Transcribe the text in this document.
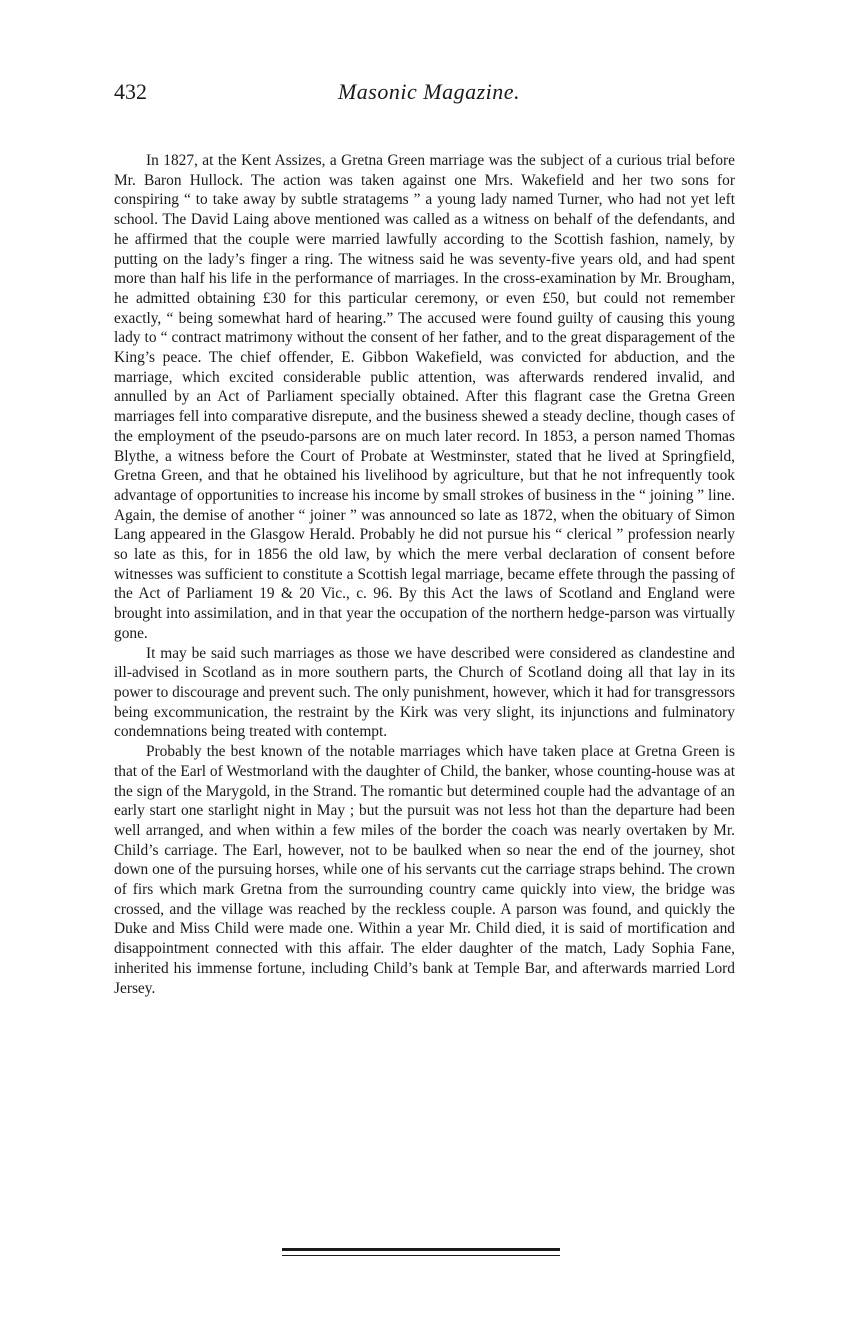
432	Masonic Magazine.

In 1827, at the Kent Assizes, a Gretna Green marriage was the subject of a curious trial before Mr. Baron Hullock. The action was taken against one Mrs. Wakefield and her two sons for conspiring “ to take away by subtle stratagems ” a young lady named Turner, who had not yet left school. The David Laing above mentioned was called as a witness on behalf of the defendants, and he affirmed that the couple were married lawfully according to the Scottish fashion, namely, by putting on the lady’s finger a ring. The witness said he was seventy-five years old, and had spent more than half his life in the performance of marriages. In the cross-examination by Mr. Brougham, he admitted obtaining £30 for this particular ceremony, or even £50, but could not remember exactly, “ being somewhat hard of hearing.” The accused were found guilty of causing this young lady to “ contract matrimony without the consent of her father, and to the great disparagement of the King’s peace. The chief offender, E. Gibbon Wakefield, was convicted for abduction, and the marriage, which excited considerable public attention, was afterwards rendered invalid, and annulled by an Act of Parliament specially obtained. After this flagrant case the Gretna Green marriages fell into comparative disrepute, and the business shewed a steady decline, though cases of the employment of the pseudo-parsons are on much later record. In 1853, a person named Thomas Blythe, a witness before the Court of Probate at Westminster, stated that he lived at Springfield, Gretna Green, and that he obtained his livelihood by agriculture, but that he not infrequently took advantage of opportunities to increase his income by small strokes of business in the “ joining ” line. Again, the demise of another “ joiner ” was announced so late as 1872, when the obituary of Simon Lang appeared in the Glasgow Herald. Probably he did not pursue his “ clerical ” profession nearly so late as this, for in 1856 the old law, by which the mere verbal declaration of consent before witnesses was sufficient to constitute a Scottish legal marriage, became effete through the passing of the Act of Parliament 19 & 20 Vic., c. 96. By this Act the laws of Scotland and England were brought into assimilation, and in that year the occupation of the northern hedge-parson was virtually gone.

It may be said such marriages as those we have described were considered as clandestine and ill-advised in Scotland as in more southern parts, the Church of Scotland doing all that lay in its power to discourage and prevent such. The only punishment, however, which it had for transgressors being excommunication, the restraint by the Kirk was very slight, its injunctions and fulminatory condemnations being treated with contempt.

Probably the best known of the notable marriages which have taken place at Gretna Green is that of the Earl of Westmorland with the daughter of Child, the banker, whose counting-house was at the sign of the Marygold, in the Strand. The romantic but determined couple had the advantage of an early start one starlight night in May ; but the pursuit was not less hot than the departure had been well arranged, and when within a few miles of the border the coach was nearly overtaken by Mr. Child’s carriage. The Earl, however, not to be baulked when so near the end of the journey, shot down one of the pursuing horses, while one of his servants cut the carriage straps behind. The crown of firs which mark Gretna from the surrounding country came quickly into view, the bridge was crossed, and the village was reached by the reckless couple. A parson was found, and quickly the Duke and Miss Child were made one. Within a year Mr. Child died, it is said of mortification and disappointment connected with this affair. The elder daughter of the match, Lady Sophia Fane, inherited his immense fortune, including Child’s bank at Temple Bar, and afterwards married Lord Jersey.
